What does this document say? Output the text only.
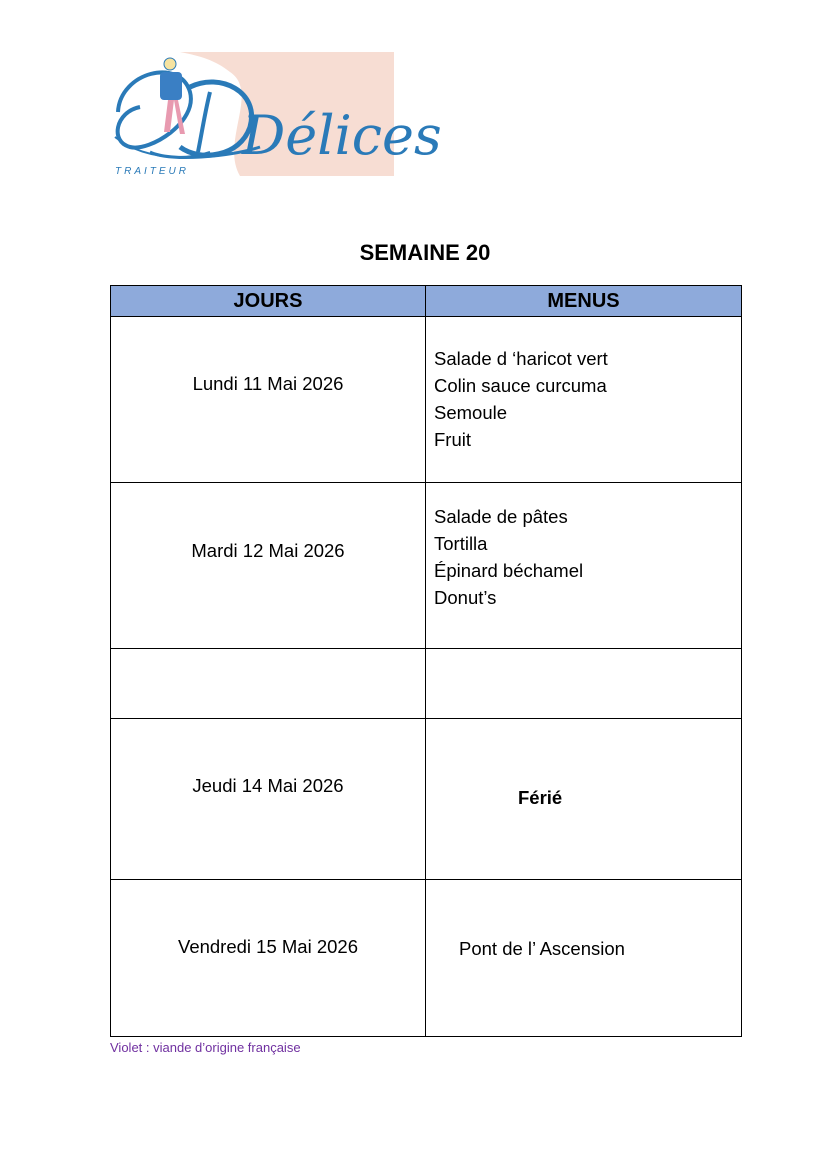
Délices
TRAITEUR
SEMAINE 20
JOURS	MENUS

Lundi 11 Mai 2026	Salade d ‘haricot vert
Colin sauce curcuma
Semoule
Fruit

Mardi 12 Mai 2026	Salade de pâtes
Tortilla
Épinard béchamel
Donut’s

Jeudi 14 Mai 2026	Férié

Vendredi 15 Mai 2026	Pont de l’ Ascension
Violet : viande d’origine française
